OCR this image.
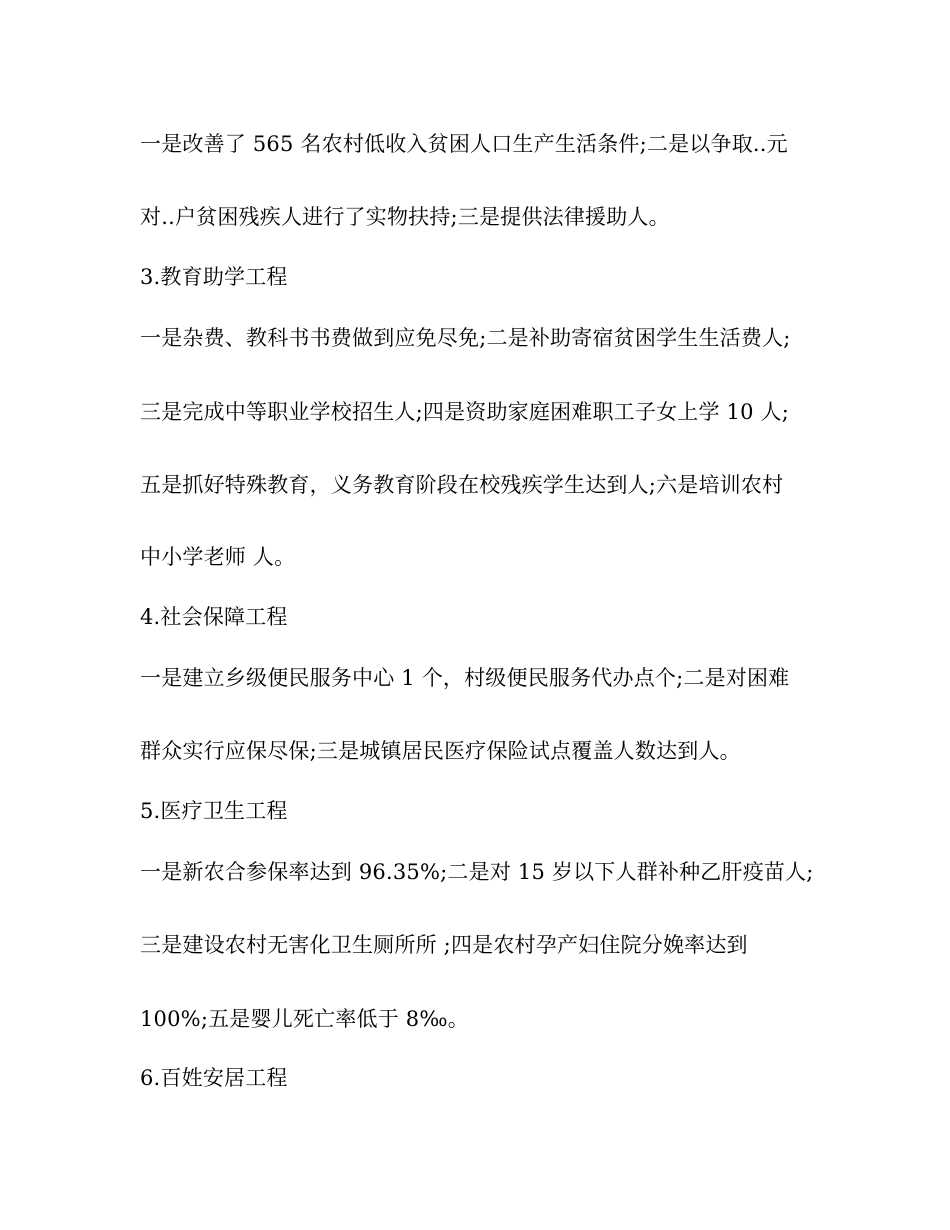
一是改善了 565 名农村低收入贫困人口生产生活条件;二是以争取..元

对..户贫困残疾人进行了实物扶持;三是提供法律援助人。

3.教育助学工程

一是杂费、教科书书费做到应免尽免;二是补助寄宿贫困学生生活费人;

三是完成中等职业学校招生人;四是资助家庭困难职工子女上学 10 人;

五是抓好特殊教育，义务教育阶段在校残疾学生达到人;六是培训农村

中小学老师 人。

4.社会保障工程

一是建立乡级便民服务中心 1 个，村级便民服务代办点个;二是对困难

群众实行应保尽保;三是城镇居民医疗保险试点覆盖人数达到人。

5.医疗卫生工程

一是新农合参保率达到 96.35%;二是对 15 岁以下人群补种乙肝疫苗人;

三是建设农村无害化卫生厕所所 ;四是农村孕产妇住院分娩率达到

100%;五是婴儿死亡率低于 8‰。

6.百姓安居工程
